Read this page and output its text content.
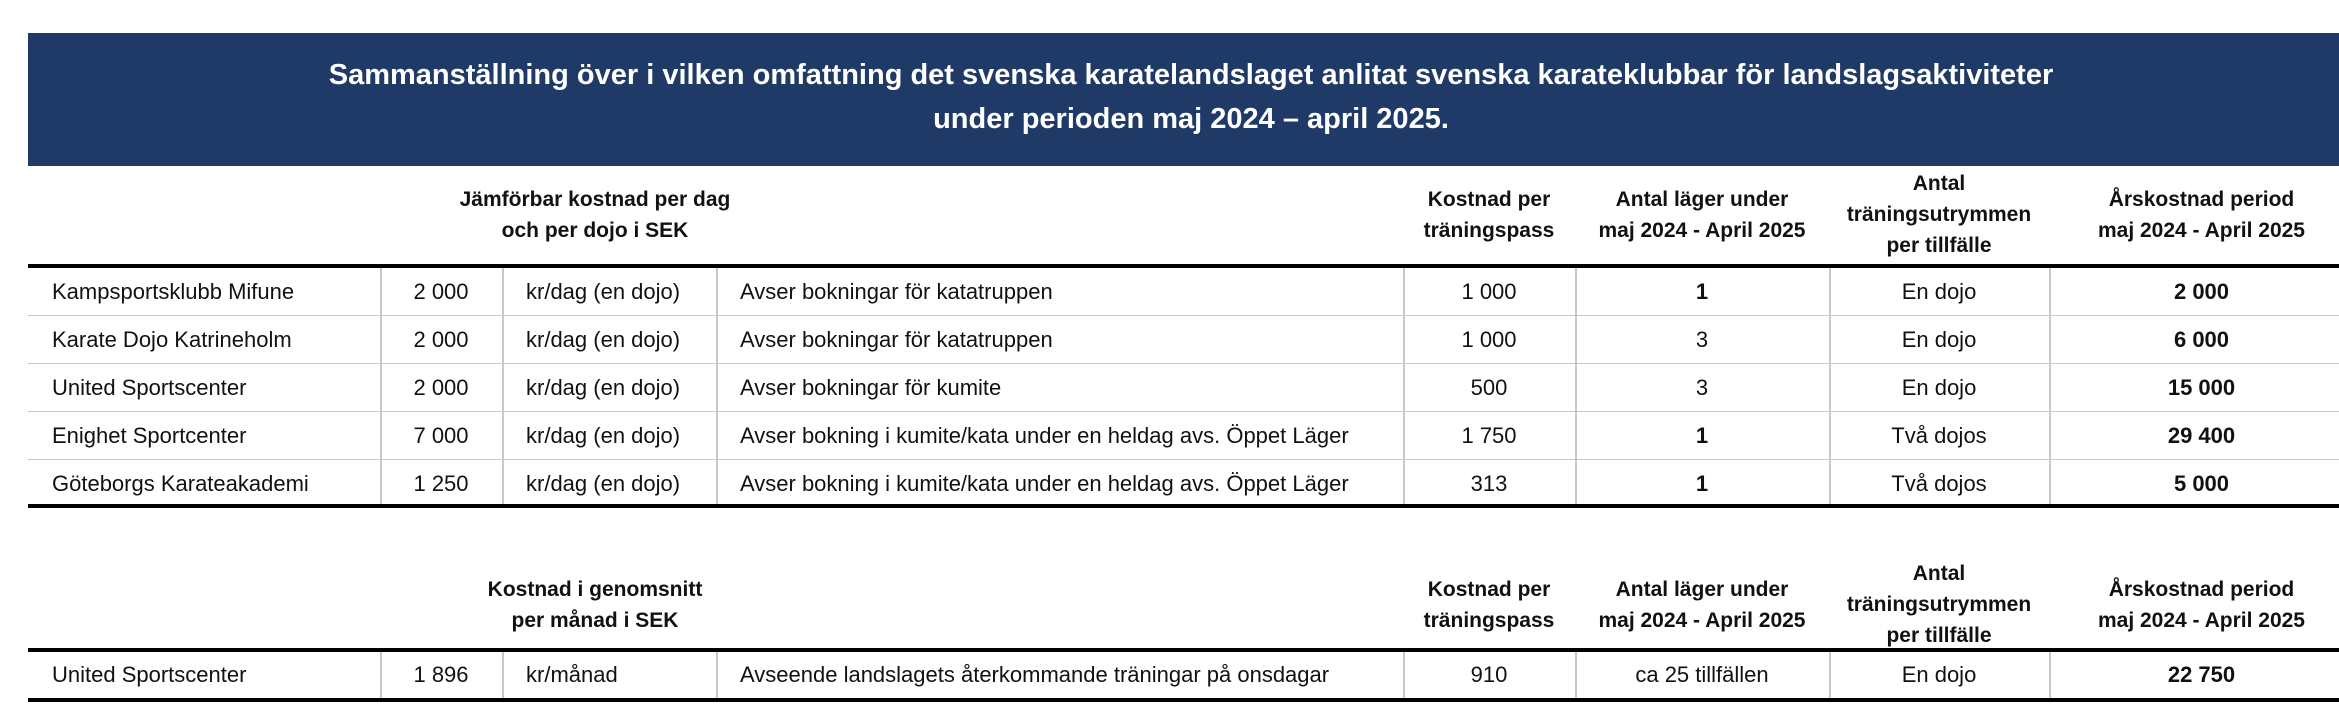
Sammanställning över i vilken omfattning det svenska karatelandslaget anlitat svenska karateklubbar för landslagsaktiviteter
under perioden maj 2024 – april 2025.
Jämförbar kostnad per dag
och per dojo i SEK
Kostnad per
träningspass
Antal läger under
maj 2024 - April 2025
Antal
träningsutrymmen
per tillfälle
Årskostnad period
maj 2024 - April 2025
Kampsportsklubb Mifune	2 000	kr/dag (en dojo)	Avser bokningar för katatruppen	1 000	1	En dojo	2 000
Karate Dojo Katrineholm	2 000	kr/dag (en dojo)	Avser bokningar för katatruppen	1 000	3	En dojo	6 000
United Sportscenter	2 000	kr/dag (en dojo)	Avser bokningar för kumite	500	3	En dojo	15 000
Enighet Sportcenter	7 000	kr/dag (en dojo)	Avser bokning i kumite/kata under en heldag avs. Öppet Läger	1 750	1	Två dojos	29 400
Göteborgs Karateakademi	1 250	kr/dag (en dojo)	Avser bokning i kumite/kata under en heldag avs. Öppet Läger	313	1	Två dojos	5 000
Kostnad i genomsnitt
per månad i SEK
Kostnad per
träningspass
Antal läger under
maj 2024 - April 2025
Antal
träningsutrymmen
per tillfälle
Årskostnad period
maj 2024 - April 2025
United Sportscenter	1 896	kr/månad	Avseende landslagets återkommande träningar på onsdagar	910	ca 25 tillfällen	En dojo	22 750
